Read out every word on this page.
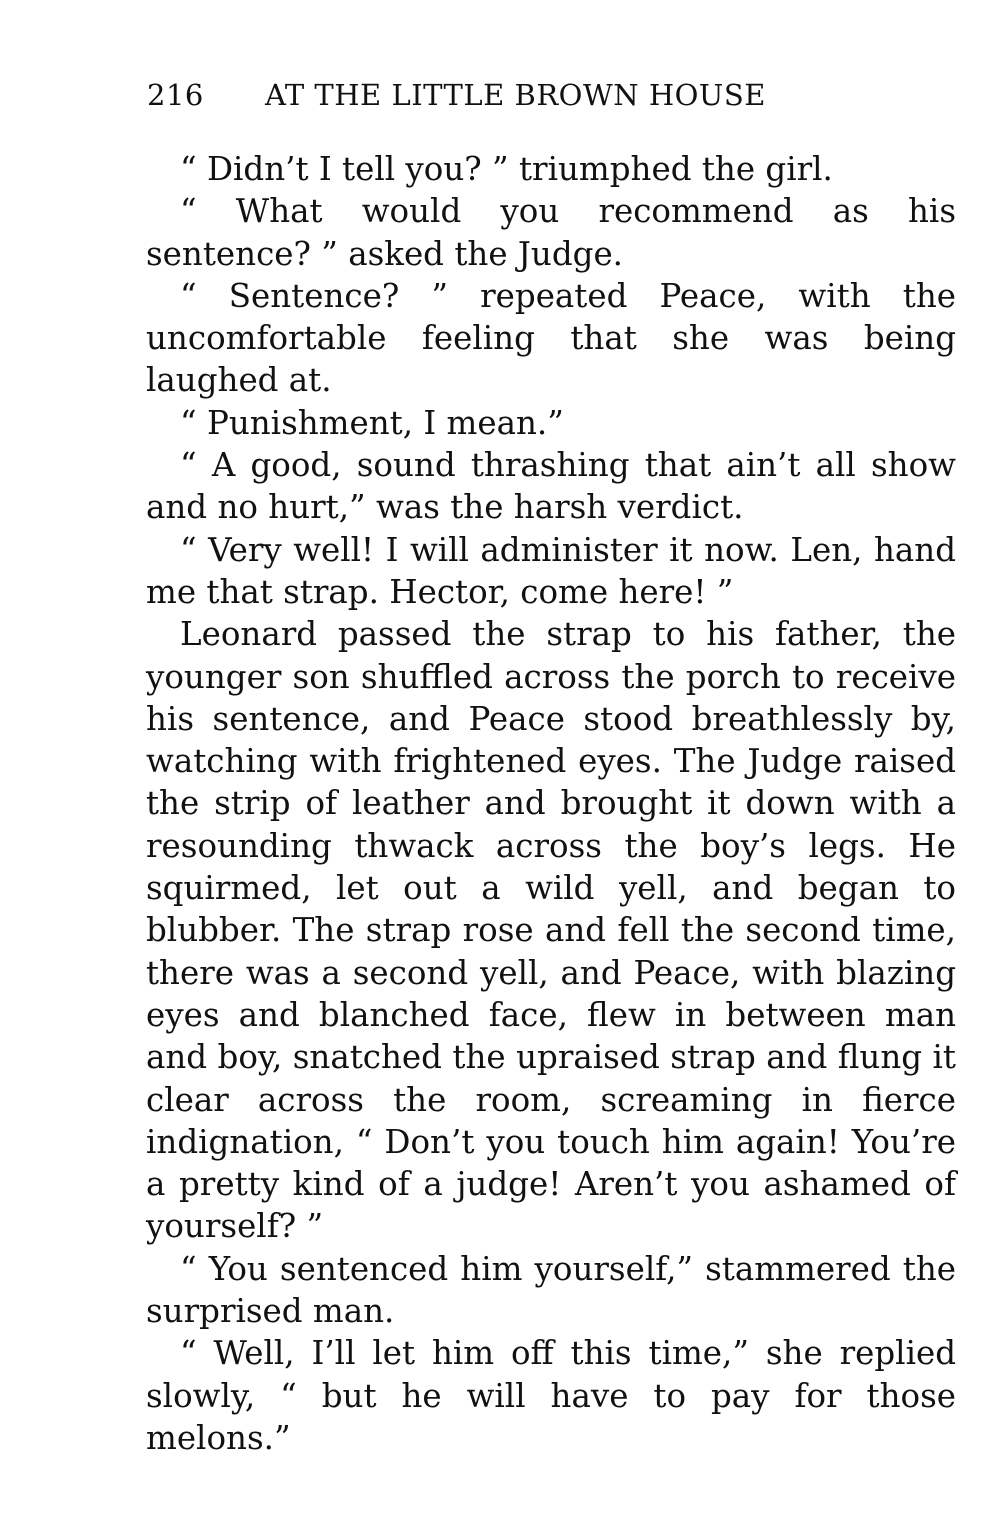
216 AT THE LITTLE BROWN HOUSE

“ Didn’t I tell you? ” triumphed the girl.

“ What would you recommend as his sentence? ” asked the Judge.

“ Sentence? ” repeated Peace, with the uncomfortable feeling that she was being laughed at.

“ Punishment, I mean.”

“ A good, sound thrashing that ain’t all show and no hurt,” was the harsh verdict.

“ Very well! I will administer it now. Len, hand me that strap. Hector, come here! ”

Leonard passed the strap to his father, the younger son shuffled across the porch to receive his sentence, and Peace stood breathlessly by, watching with frightened eyes. The Judge raised the strip of leather and brought it down with a resounding thwack across the boy’s legs. He squirmed, let out a wild yell, and began to blubber. The strap rose and fell the second time, there was a second yell, and Peace, with blazing eyes and blanched face, flew in between man and boy, snatched the upraised strap and flung it clear across the room, screaming in fierce indignation, “ Don’t you touch him again! You’re a pretty kind of a judge! Aren’t you ashamed of yourself? ”

“ You sentenced him yourself,” stammered the surprised man.

“ Well, I’ll let him off this time,” she replied slowly, “ but he will have to pay for those melons.”
